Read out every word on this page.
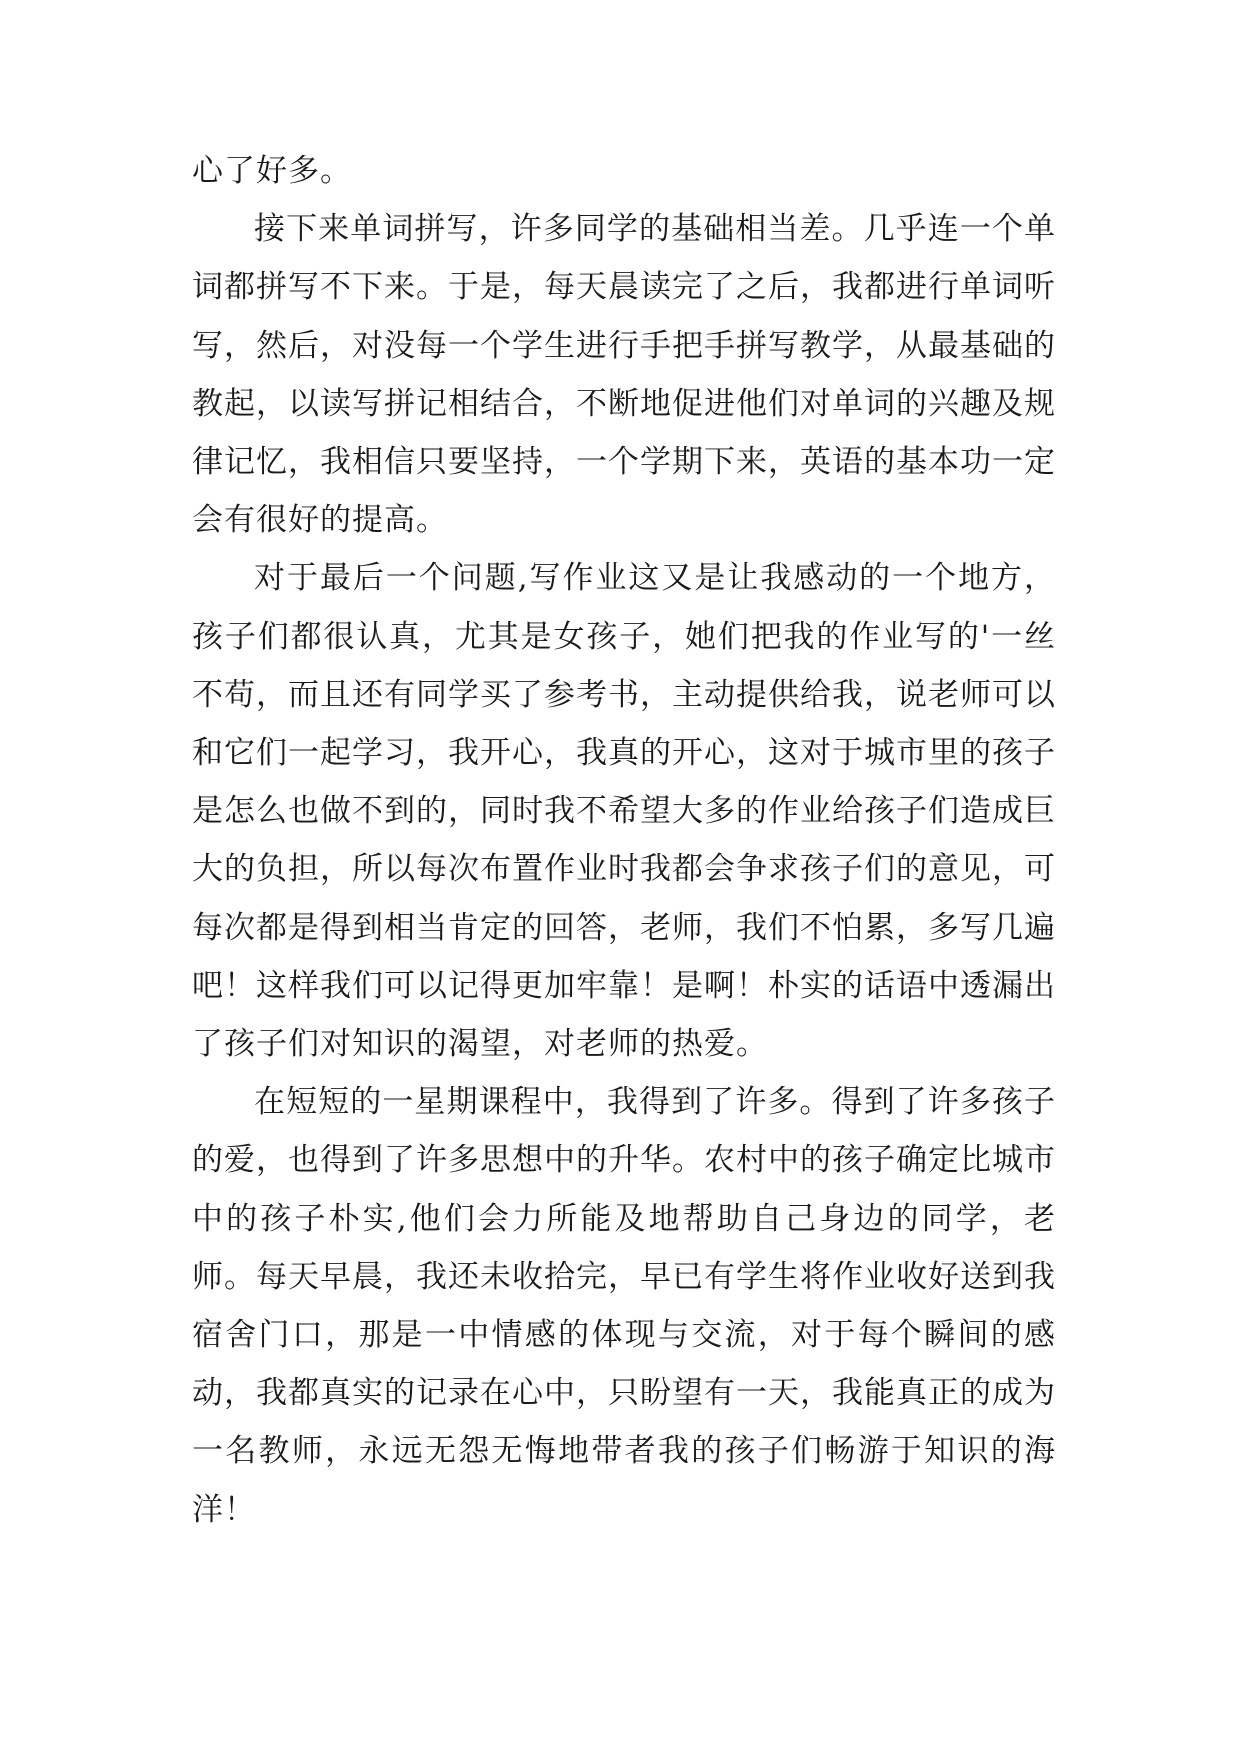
心了好多。

接下来单词拼写，许多同学的基础相当差。几乎连一个单词都拼写不下来。于是，每天晨读完了之后，我都进行单词听写，然后，对没每一个学生进行手把手拼写教学，从最基础的教起，以读写拼记相结合，不断地促进他们对单词的兴趣及规律记忆，我相信只要坚持，一个学期下来，英语的基本功一定会有很好的提高。

对于最后一个问题,写作业这又是让我感动的一个地方，孩子们都很认真，尤其是女孩子，她们把我的作业写的'一丝不苟，而且还有同学买了参考书，主动提供给我，说老师可以和它们一起学习，我开心，我真的开心，这对于城市里的孩子是怎么也做不到的，同时我不希望大多的作业给孩子们造成巨大的负担，所以每次布置作业时我都会争求孩子们的意见，可每次都是得到相当肯定的回答，老师，我们不怕累，多写几遍吧！这样我们可以记得更加牢靠！是啊！朴实的话语中透漏出了孩子们对知识的渴望，对老师的热爱。

在短短的一星期课程中，我得到了许多。得到了许多孩子的爱，也得到了许多思想中的升华。农村中的孩子确定比城市中的孩子朴实,他们会力所能及地帮助自己身边的同学，老师。每天早晨，我还未收拾完，早已有学生将作业收好送到我宿舍门口，那是一中情感的体现与交流，对于每个瞬间的感动，我都真实的记录在心中，只盼望有一天，我能真正的成为一名教师，永远无怨无悔地带者我的孩子们畅游于知识的海洋！
